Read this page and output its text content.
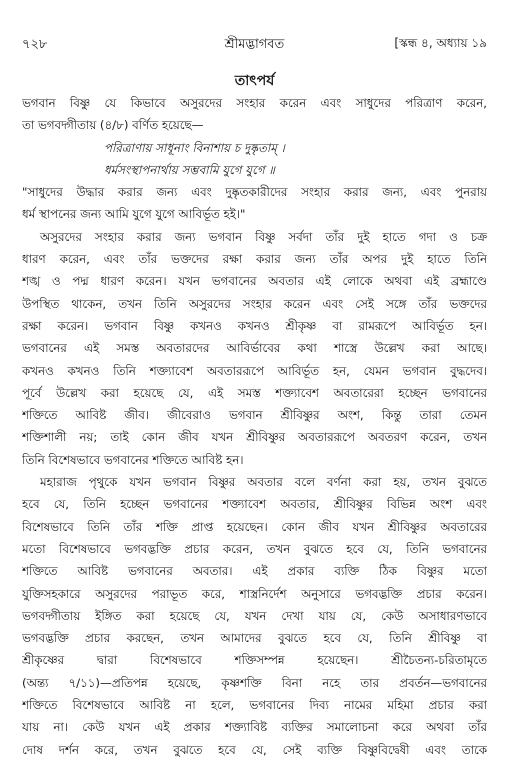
৭২৮	শ্রীমদ্ভাগবত	[স্কন্ধ ৪, অধ্যায় ১৯
তাৎপর্য
ভগবান বিষ্ণু যে কিভাবে অসুরদের সংহার করেন এবং সাধুদের পরিত্রাণ করেন,
তা ভগবদ্গীতায় (৪/৮) বর্ণিত হয়েছে—
পরিত্রাণায় সাধূনাং বিনাশায় চ দুষ্কৃতাম্ ।
ধর্মসংস্থাপনার্থায় সম্ভবামি যুগে যুগে ॥
"সাধুদের উদ্ধার করার জন্য এবং দুষ্কৃতকারীদের সংহার করার জন্য, এবং পুনরায়
ধর্ম স্থাপনের জন্য আমি যুগে যুগে আবির্ভূত হই।"
অসুরদের সংহার করার জন্য ভগবান বিষ্ণু সর্বদা তাঁর দুই হাতে গদা ও চক্র
ধারণ করেন, এবং তাঁর ভক্তদের রক্ষা করার জন্য তাঁর অপর দুই হাতে তিনি
শঙ্খ ও পদ্ম ধারণ করেন। যখন ভগবানের অবতার এই লোকে অথবা এই ব্রহ্মাণ্ডে
উপস্থিত থাকেন, তখন তিনি অসুরদের সংহার করেন এবং সেই সঙ্গে তাঁর ভক্তদের
রক্ষা করেন। ভগবান বিষ্ণু কখনও কখনও শ্রীকৃষ্ণ বা রামরূপে আবির্ভূত হন।
ভগবানের এই সমস্ত অবতারদের আবির্ভাবের কথা শাস্ত্রে উল্লেখ করা আছে।
কখনও কখনও তিনি শক্ত্যাবেশ অবতাররূপে আবির্ভূত হন, যেমন ভগবান বুদ্ধদেব।
পূর্বে উল্লেখ করা হয়েছে যে, এই সমস্ত শক্ত্যাবেশ অবতারেরা হচ্ছেন ভগবানের
শক্তিতে আবিষ্ট জীব। জীবেরাও ভগবান শ্রীবিষ্ণুর অংশ, কিন্তু তারা তেমন
শক্তিশালী নয়; তাই কোন জীব যখন শ্রীবিষ্ণুর অবতাররূপে অবতরণ করেন, তখন
তিনি বিশেষভাবে ভগবানের শক্তিতে আবিষ্ট হন।
মহারাজ পৃথুকে যখন ভগবান বিষ্ণুর অবতার বলে বর্ণনা করা হয়, তখন বুঝতে
হবে যে, তিনি হচ্ছেন ভগবানের শক্ত্যাবেশ অবতার, শ্রীবিষ্ণুর বিভিন্ন অংশ এবং
বিশেষভাবে তিনি তাঁর শক্তি প্রাপ্ত হয়েছেন। কোন জীব যখন শ্রীবিষ্ণুর অবতারের
মতো বিশেষভাবে ভগবদ্ভক্তি প্রচার করেন, তখন বুঝতে হবে যে, তিনি ভগবানের
শক্তিতে আবিষ্ট ভগবানের অবতার। এই প্রকার ব্যক্তি ঠিক বিষ্ণুর মতো
যুক্তিসহকারে অসুরদের পরাভূত করে, শাস্ত্রনির্দেশ অনুসারে ভগবদ্ভক্তি প্রচার করেন।
ভগবদ্গীতায় ইঙ্গিত করা হয়েছে যে, যখন দেখা যায় যে, কেউ অসাধারণভাবে
ভগবদ্ভক্তি প্রচার করছেন, তখন আমাদের বুঝতে হবে যে, তিনি শ্রীবিষ্ণু বা
শ্রীকৃষ্ণের দ্বারা বিশেষভাবে শক্তিসম্পন্ন হয়েছেন। শ্রীচৈতন্য-চরিতামৃতে
(অন্ত্য ৭/১১)—প্রতিপন্ন হয়েছে, কৃষ্ণশক্তি বিনা নহে তার প্রবর্তন—ভগবানের
শক্তিতে বিশেষভাবে আবিষ্ট না হলে, ভগবানের দিব্য নামের মহিমা প্রচার করা
যায় না। কেউ যখন এই প্রকার শক্ত্যাবিষ্ট ব্যক্তির সমালোচনা করে অথবা তাঁর
দোষ দর্শন করে, তখন বুঝতে হবে যে, সেই ব্যক্তি বিষ্ণুবিদ্বেষী এবং তাকে
